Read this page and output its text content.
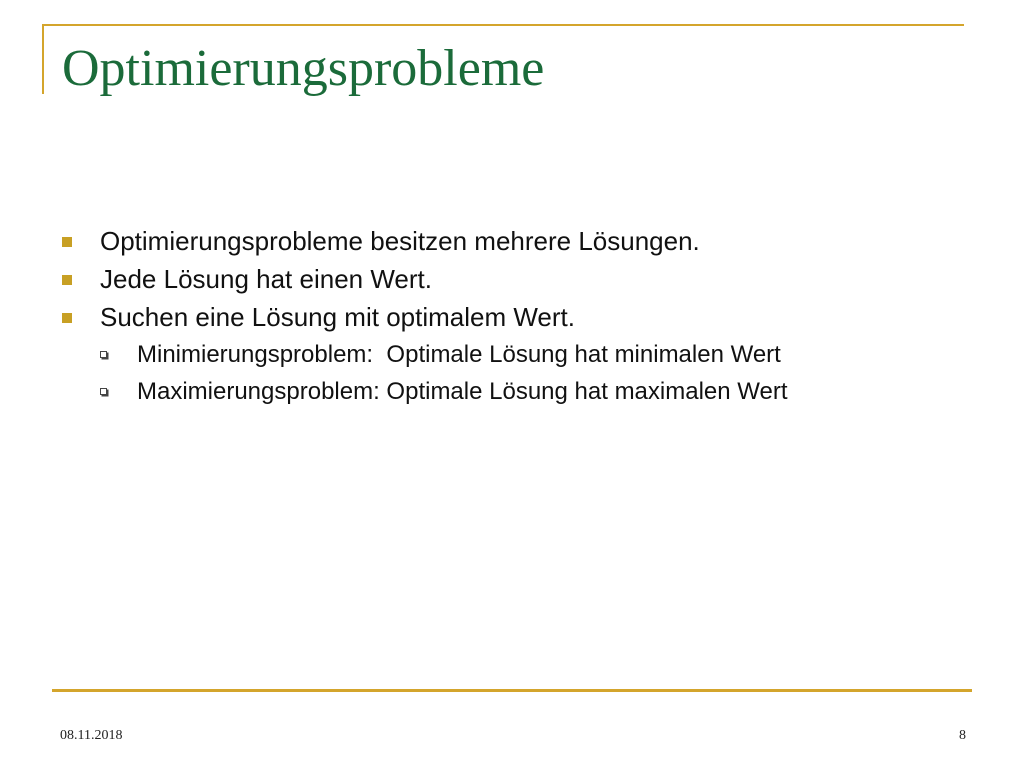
Optimierungsprobleme
Optimierungsprobleme besitzen mehrere Lösungen.
Jede Lösung hat einen Wert.
Suchen eine Lösung mit optimalem Wert.
Minimierungsproblem:  Optimale Lösung hat minimalen Wert
Maximierungsproblem: Optimale Lösung hat maximalen Wert
08.11.2018	8
